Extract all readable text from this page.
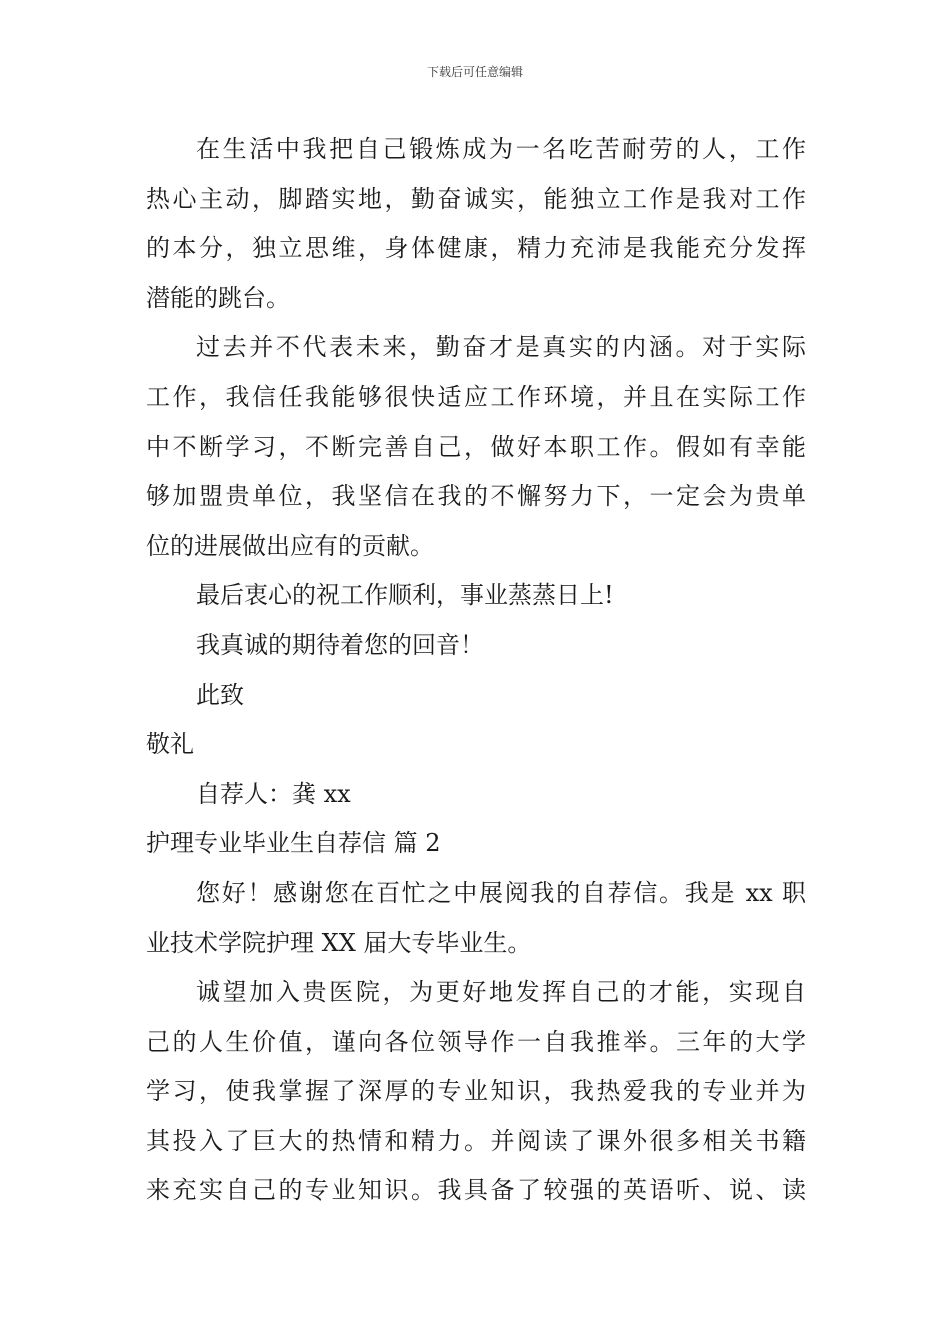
下载后可任意编辑
在生活中我把自己锻炼成为一名吃苦耐劳的人，工作
热心主动，脚踏实地，勤奋诚实，能独立工作是我对工作
的本分，独立思维，身体健康，精力充沛是我能充分发挥
潜能的跳台。
过去并不代表未来，勤奋才是真实的内涵。对于实际
工作，我信任我能够很快适应工作环境，并且在实际工作
中不断学习，不断完善自己，做好本职工作。假如有幸能
够加盟贵单位，我坚信在我的不懈努力下，一定会为贵单
位的进展做出应有的贡献。
最后衷心的祝工作顺利，事业蒸蒸日上!
我真诚的期待着您的回音！
此致
敬礼
自荐人：龚 xx
护理专业毕业生自荐信 篇 2
您好！感谢您在百忙之中展阅我的自荐信。我是 xx 职
业技术学院护理 XX 届大专毕业生。
诚望加入贵医院，为更好地发挥自己的才能，实现自
己的人生价值，谨向各位领导作一自我推举。三年的大学
学习，使我掌握了深厚的专业知识，我热爱我的专业并为
其投入了巨大的热情和精力。并阅读了课外很多相关书籍
来充实自己的专业知识。我具备了较强的英语听、说、读
